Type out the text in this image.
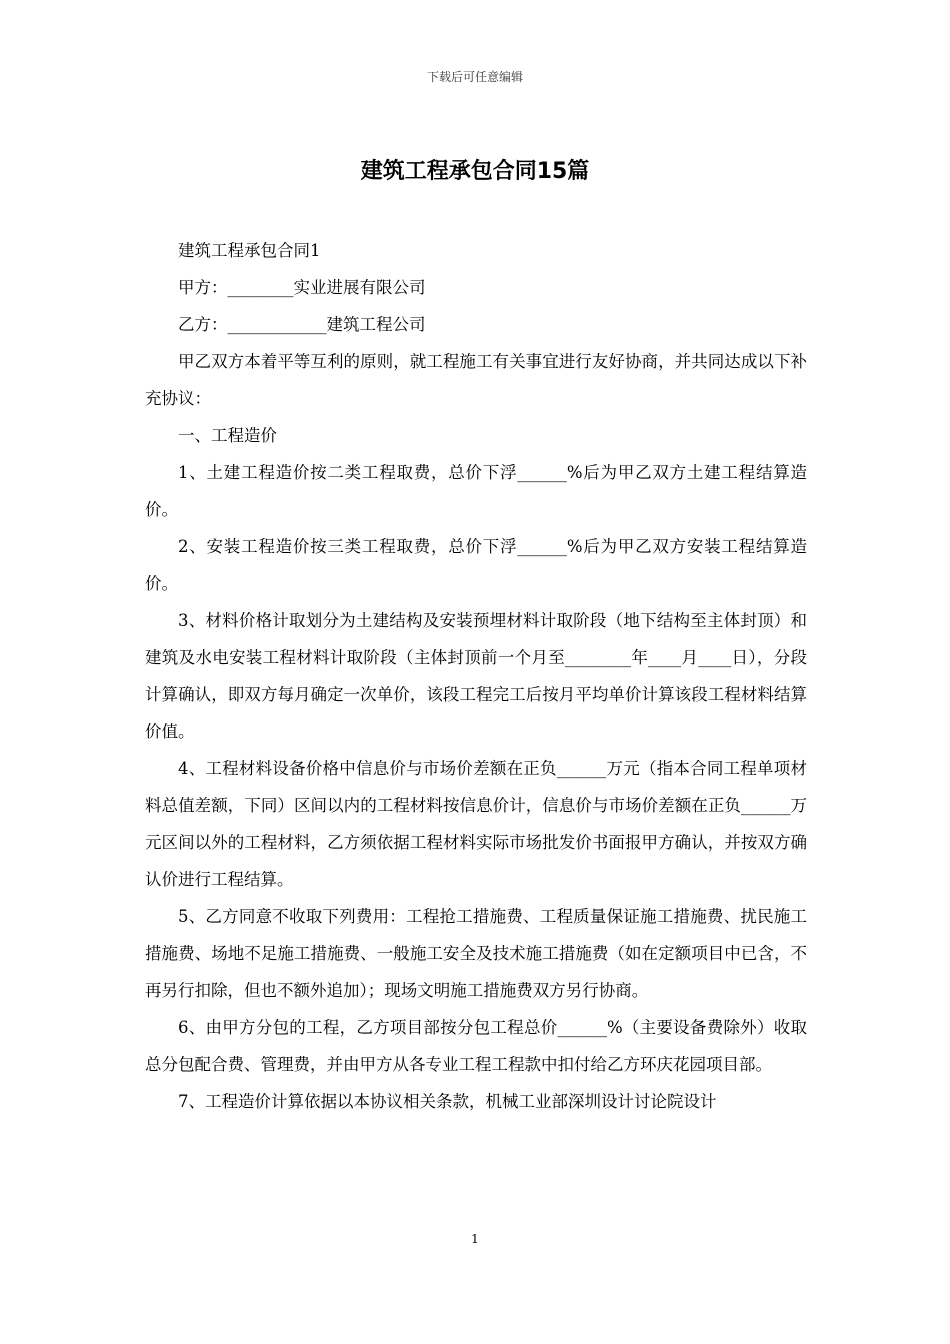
下载后可任意编辑
建筑工程承包合同15篇

建筑工程承包合同1

甲方：________实业进展有限公司

乙方：____________建筑工程公司

甲乙双方本着平等互利的原则，就工程施工有关事宜进行友好协商，并共同达成以下补充协议：

一、工程造价

1、土建工程造价按二类工程取费，总价下浮______%后为甲乙双方土建工程结算造价。

2、安装工程造价按三类工程取费，总价下浮______%后为甲乙双方安装工程结算造价。

3、材料价格计取划分为土建结构及安装预埋材料计取阶段（地下结构至主体封顶）和建筑及水电安装工程材料计取阶段（主体封顶前一个月至________年____月____日），分段计算确认，即双方每月确定一次单价，该段工程完工后按月平均单价计算该段工程材料结算价值。

4、工程材料设备价格中信息价与市场价差额在正负______万元（指本合同工程单项材料总值差额，下同）区间以内的工程材料按信息价计，信息价与市场价差额在正负______万元区间以外的工程材料，乙方须依据工程材料实际市场批发价书面报甲方确认，并按双方确认价进行工程结算。

5、乙方同意不收取下列费用：工程抢工措施费、工程质量保证施工措施费、扰民施工措施费、场地不足施工措施费、一般施工安全及技术施工措施费（如在定额项目中已含，不再另行扣除，但也不额外追加）；现场文明施工措施费双方另行协商。

6、由甲方分包的工程，乙方项目部按分包工程总价______%（主要设备费除外）收取总分包配合费、管理费，并由甲方从各专业工程工程款中扣付给乙方环庆花园项目部。

7、工程造价计算依据以本协议相关条款，机械工业部深圳设计讨论院设计

1
